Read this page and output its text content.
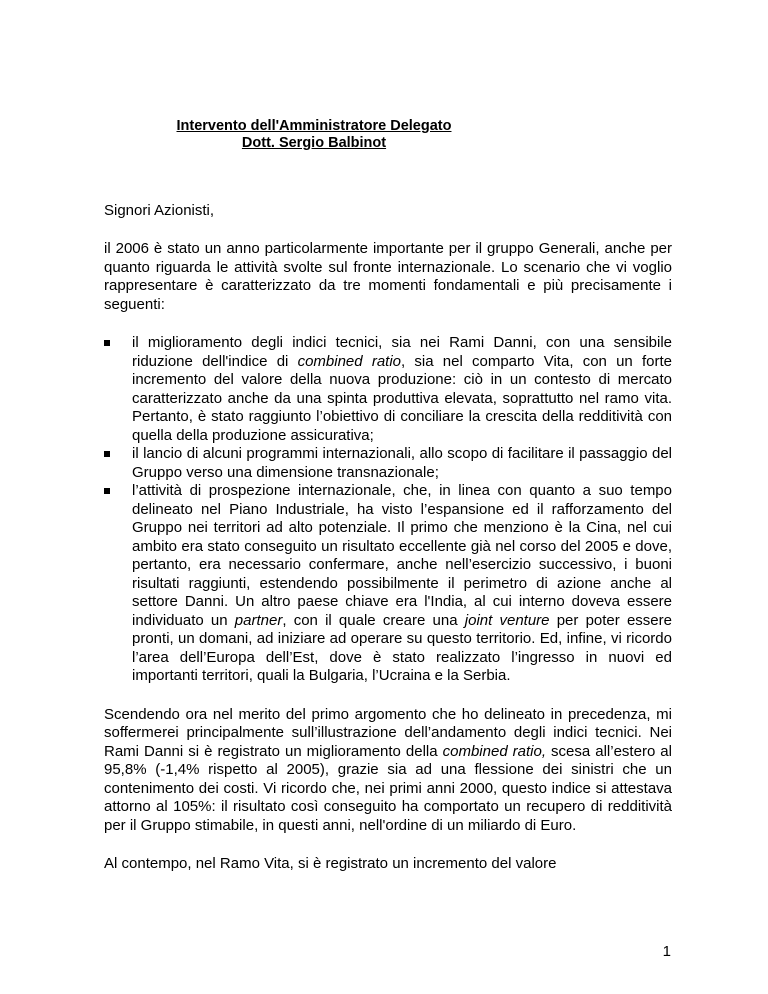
Intervento dell'Amministratore Delegato
Dott. Sergio Balbinot

Signori Azionisti,

il 2006 è stato un anno particolarmente importante per il gruppo Generali, anche per quanto riguarda le attività svolte sul fronte internazionale. Lo scenario che vi voglio rappresentare è caratterizzato da tre momenti fondamentali e più precisamente i seguenti:

il miglioramento degli indici tecnici, sia nei Rami Danni, con una sensibile riduzione dell'indice di combined ratio, sia nel comparto Vita, con un forte incremento del valore della nuova produzione: ciò in un contesto di mercato caratterizzato anche da una spinta produttiva elevata, soprattutto nel ramo vita. Pertanto, è stato raggiunto l’obiettivo di conciliare la crescita della redditività con quella della produzione assicurativa;
il lancio di alcuni programmi internazionali, allo scopo di facilitare il passaggio del Gruppo verso una dimensione transnazionale;
l’attività di prospezione internazionale, che, in linea con quanto a suo tempo delineato nel Piano Industriale, ha visto l’espansione ed il rafforzamento del Gruppo nei territori ad alto potenziale. Il primo che menziono è la Cina, nel cui ambito era stato conseguito un risultato eccellente già nel corso del 2005 e dove, pertanto, era necessario confermare, anche nell’esercizio successivo, i buoni risultati raggiunti, estendendo possibilmente il perimetro di azione anche al settore Danni. Un altro paese chiave era l'India, al cui interno doveva essere individuato un partner, con il quale creare una joint venture per poter essere pronti, un domani, ad iniziare ad operare su questo territorio. Ed, infine, vi ricordo l’area dell’Europa dell’Est, dove è stato realizzato l’ingresso in nuovi ed importanti territori, quali la Bulgaria, l’Ucraina e la Serbia.

Scendendo ora nel merito del primo argomento che ho delineato in precedenza, mi soffermerei principalmente sull’illustrazione dell’andamento degli indici tecnici. Nei Rami Danni si è registrato un miglioramento della combined ratio, scesa all’estero al 95,8% (-1,4% rispetto al 2005), grazie sia ad una flessione dei sinistri che un contenimento dei costi. Vi ricordo che, nei primi anni 2000, questo indice si attestava attorno al 105%: il risultato così conseguito ha comportato un recupero di redditività per il Gruppo stimabile, in questi anni, nell'ordine di un miliardo di Euro.

Al contempo, nel Ramo Vita, si è registrato un incremento del valore

1
